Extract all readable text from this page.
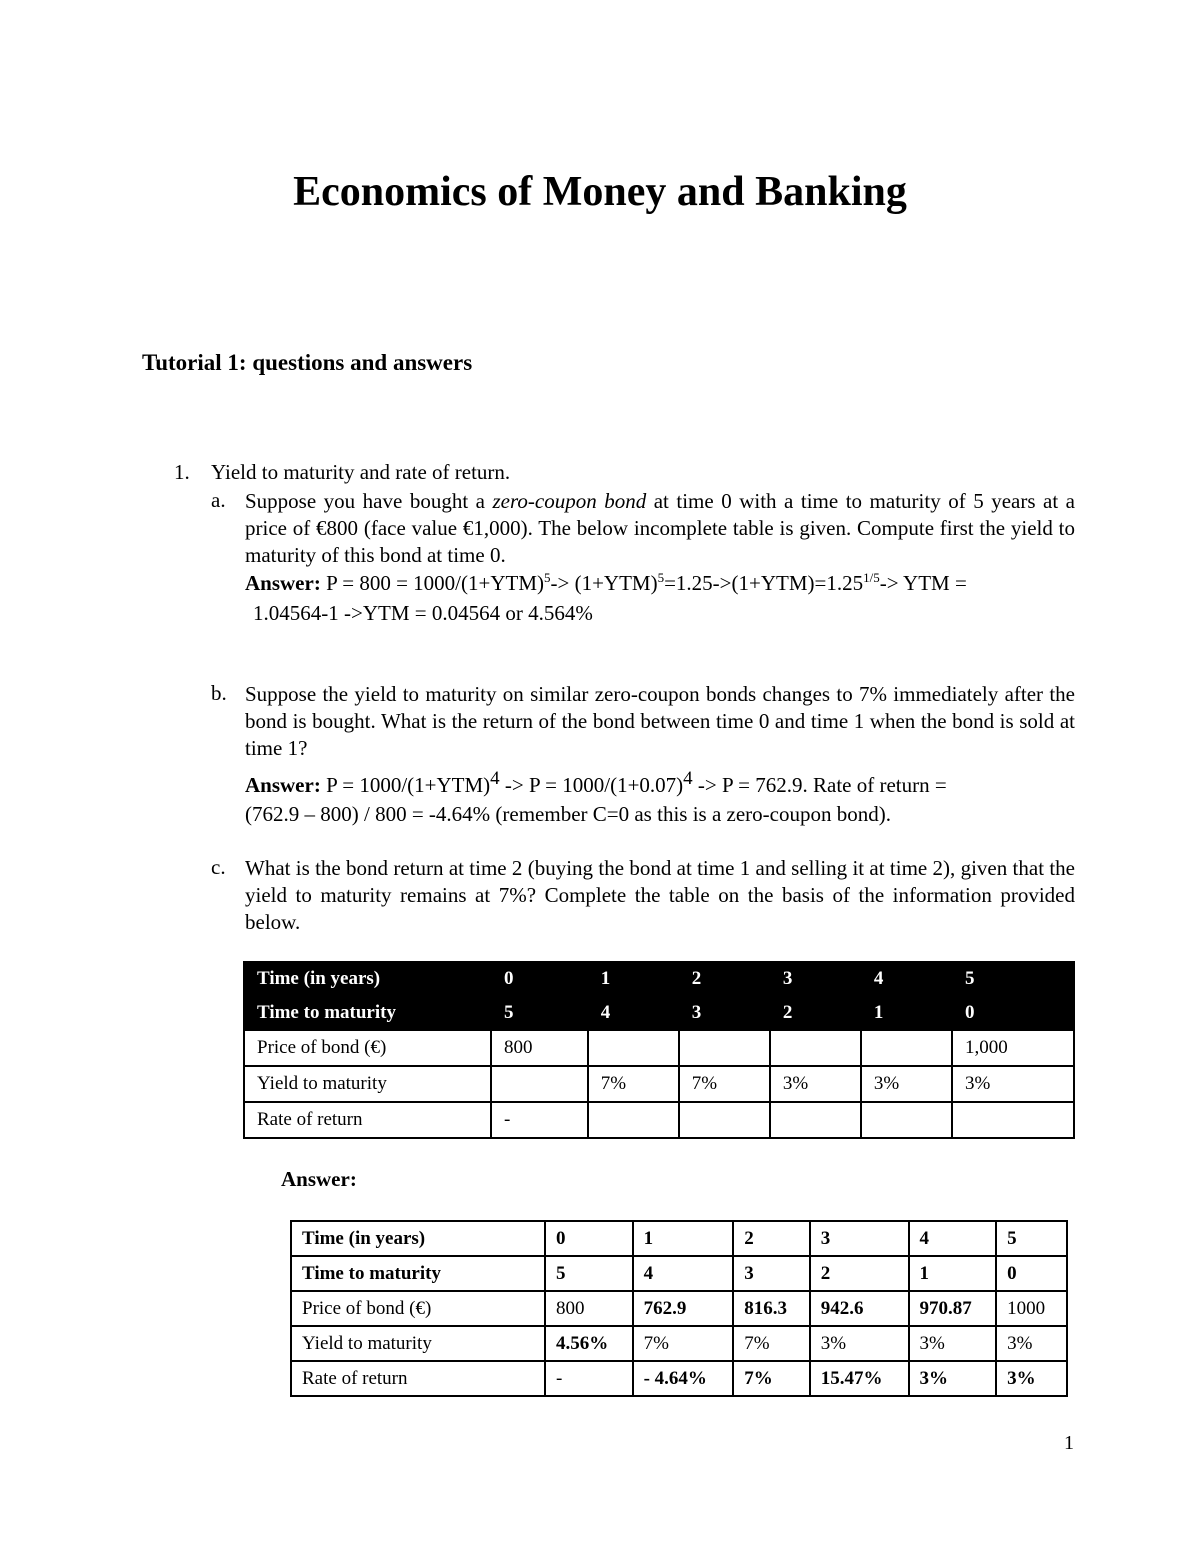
Economics of Money and Banking
Tutorial 1: questions and answers
1. Yield to maturity and rate of return.
a. Suppose you have bought a zero-coupon bond at time 0 with a time to maturity of 5 years at a price of €800 (face value €1,000). The below incomplete table is given. Compute first the yield to maturity of this bond at time 0.
Answer: $P = 800 = 1000/(1+YTM)^5-> (1+YTM)^5=1.25->(1+YTM)=1.25^{1/5}->$ YTM =
1.04564-1 ->YTM = 0.04564 or 4.564%
b. Suppose the yield to maturity on similar zero-coupon bonds changes to 7% immediately after the bond is bought. What is the return of the bond between time 0 and time 1 when the bond is sold at time 1?
Answer: $P = 1000/(1+YTM)^4 -> P = 1000/(1+0.07)^4 -> P = 762.9$. Rate of return =
(762.9 – 800) / 800 = -4.64% (remember C=0 as this is a zero-coupon bond).
c. What is the bond return at time 2 (buying the bond at time 1 and selling it at time 2), given that the yield to maturity remains at 7%? Complete the table on the basis of the information provided below.
Time (in years)	0	1	2	3	4	5
Time to maturity	5	4	3	2	1	0
Price of bond (€)	800					1,000
Yield to maturity		7%	7%	3%	3%	3%
Rate of return	-					
Answer:
Time (in years)	0	1	2	3	4	5
Time to maturity	5	4	3	2	1	0
Price of bond (€)	800	762.9	816.3	942.6	970.87	1000
Yield to maturity	4.56%	7%	7%	3%	3%	3%
Rate of return	-	- 4.64%	7%	15.47%	3%	3%
1
